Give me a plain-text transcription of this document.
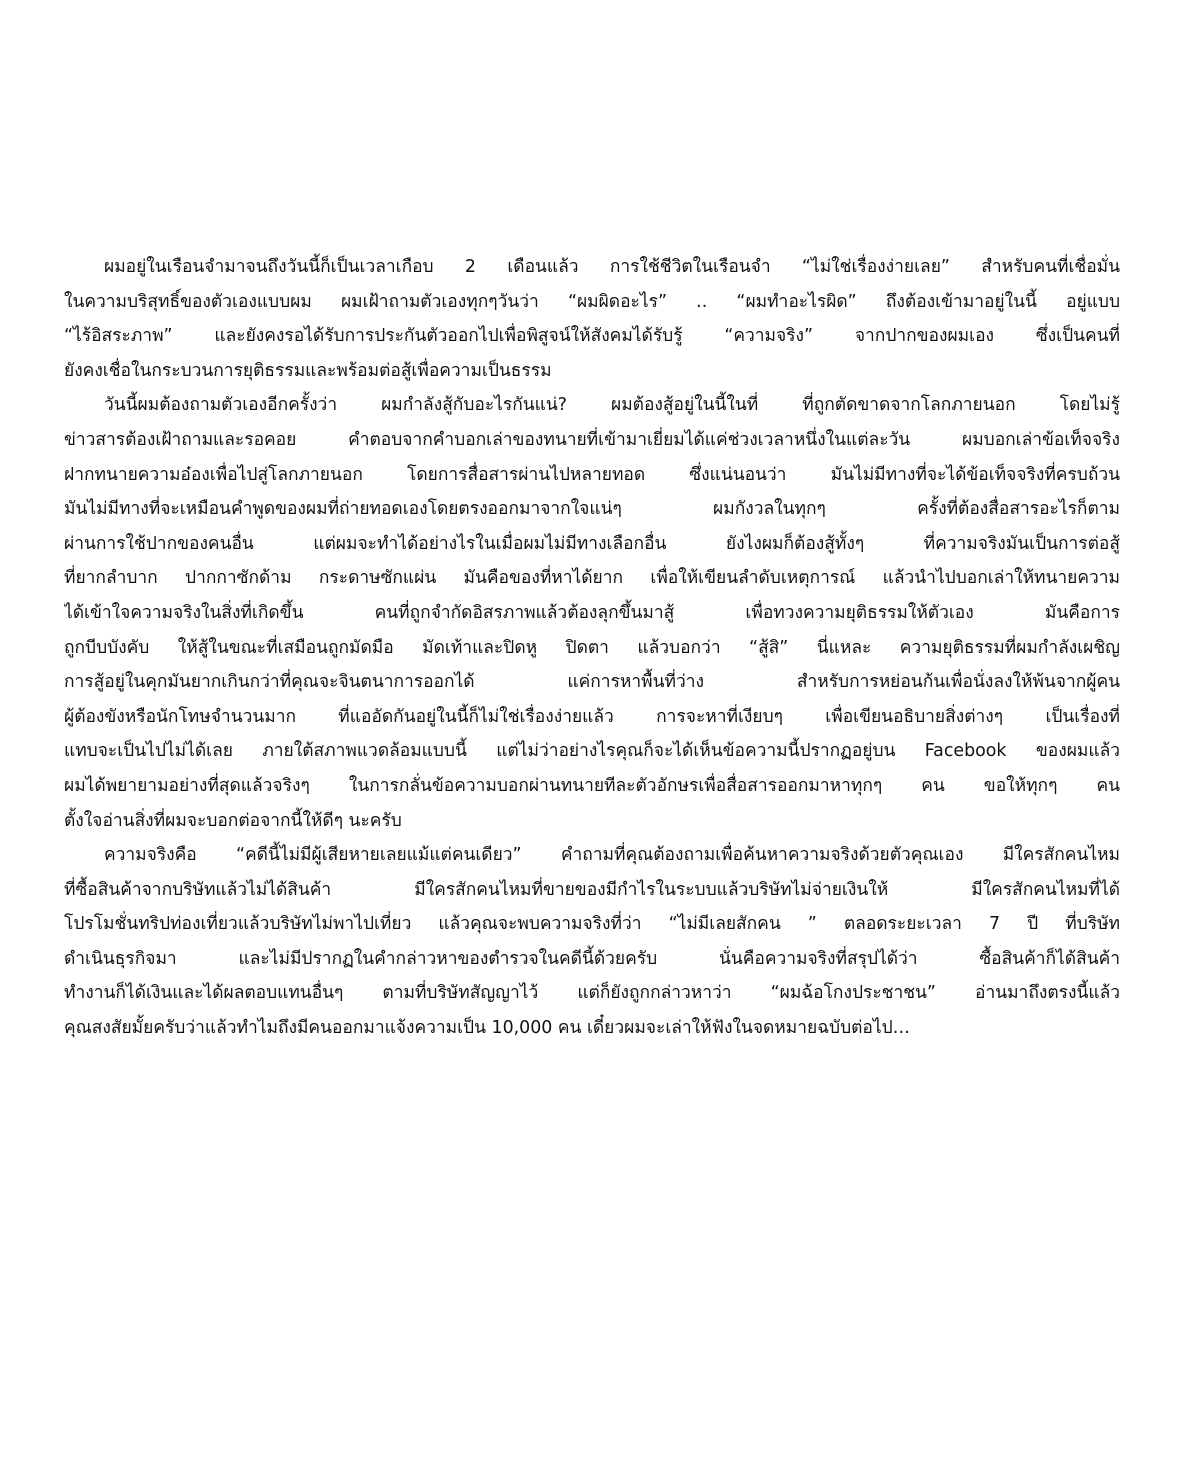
ผมอยู่ในเรือนจำมาจนถึงวันนี้ก็เป็นเวลาเกือบ 2 เดือนแล้ว การใช้ชีวิตในเรือนจำ “ไม่ใช่เรื่องง่ายเลย” สำหรับคนที่เชื่อมั่น
ในความบริสุทธิ์ของตัวเองแบบผม ผมเฝ้าถามตัวเองทุกๆวันว่า “ผมผิดอะไร” .. “ผมทำอะไรผิด” ถึงต้องเข้ามาอยู่ในนี้ อยู่แบบ
“ไร้อิสระภาพ” และยังคงรอได้รับการประกันตัวออกไปเพื่อพิสูจน์ให้สังคมได้รับรู้ “ความจริง” จากปากของผมเอง ซึ่งเป็นคนที่
ยังคงเชื่อในกระบวนการยุติธรรมและพร้อมต่อสู้เพื่อความเป็นธรรม
วันนี้ผมต้องถามตัวเองอีกครั้งว่า ผมกำลังสู้กับอะไรกันแน่? ผมต้องสู้อยู่ในนี้ในที่ ที่ถูกตัดขาดจากโลกภายนอก โดยไม่รู้
ข่าวสารต้องเฝ้าถามและรอคอย คำตอบจากคำบอกเล่าของทนายที่เข้ามาเยี่ยมได้แค่ช่วงเวลาหนึ่งในแต่ละวัน ผมบอกเล่าข้อเท็จจริง
ฝากทนายความอ๋องเพื่อไปสู่โลกภายนอก โดยการสื่อสารผ่านไปหลายทอด ซึ่งแน่นอนว่า มันไม่มีทางที่จะได้ข้อเท็จจริงที่ครบถ้วน
มันไม่มีทางที่จะเหมือนคำพูดของผมที่ถ่ายทอดเองโดยตรงออกมาจากใจแน่ๆ ผมกังวลในทุกๆ ครั้งที่ต้องสื่อสารอะไรก็ตาม
ผ่านการใช้ปากของคนอื่น แต่ผมจะทำได้อย่างไรในเมื่อผมไม่มีทางเลือกอื่น ยังไงผมก็ต้องสู้ทั้งๆ ที่ความจริงมันเป็นการต่อสู้
ที่ยากลำบาก ปากกาซักด้าม กระดาษซักแผ่น มันคือของที่หาได้ยาก เพื่อให้เขียนลำดับเหตุการณ์ แล้วนำไปบอกเล่าให้ทนายความ
ได้เข้าใจความจริงในสิ่งที่เกิดขึ้น คนที่ถูกจำกัดอิสรภาพแล้วต้องลุกขึ้นมาสู้ เพื่อทวงความยุติธรรมให้ตัวเอง มันคือการ
ถูกบีบบังคับ ให้สู้ในขณะที่เสมือนถูกมัดมือ มัดเท้าและปิดหู ปิดตา แล้วบอกว่า “สู้สิ” นี่แหละ ความยุติธรรมที่ผมกำลังเผชิญ
การสู้อยู่ในคุกมันยากเกินกว่าที่คุณจะจินตนาการออกได้ แค่การหาพื้นที่ว่าง สำหรับการหย่อนก้นเพื่อนั่งลงให้พ้นจากผู้คน
ผู้ต้องขังหรือนักโทษจำนวนมาก ที่แออัดกันอยู่ในนี้ก็ไม่ใช่เรื่องง่ายแล้ว การจะหาที่เงียบๆ เพื่อเขียนอธิบายสิ่งต่างๆ เป็นเรื่องที่
แทบจะเป็นไปไม่ได้เลย ภายใต้สภาพแวดล้อมแบบนี้ แต่ไม่ว่าอย่างไรคุณก็จะได้เห็นข้อความนี้ปรากฏอยู่บน Facebook ของผมแล้ว
ผมได้พยายามอย่างที่สุดแล้วจริงๆ ในการกลั่นข้อความบอกผ่านทนายทีละตัวอักษรเพื่อสื่อสารออกมาหาทุกๆ คน ขอให้ทุกๆ คน
ตั้งใจอ่านสิ่งที่ผมจะบอกต่อจากนี้ให้ดีๆ นะครับ
ความจริงคือ “คดีนี้ไม่มีผู้เสียหายเลยแม้แต่คนเดียว” คำถามที่คุณต้องถามเพื่อค้นหาความจริงด้วยตัวคุณเอง มีใครสักคนไหม
ที่ซื้อสินค้าจากบริษัทแล้วไม่ได้สินค้า มีใครสักคนไหมที่ขายของมีกำไรในระบบแล้วบริษัทไม่จ่ายเงินให้ มีใครสักคนไหมที่ได้
โปรโมชั่นทริปท่องเที่ยวแล้วบริษัทไม่พาไปเที่ยว แล้วคุณจะพบความจริงที่ว่า “ไม่มีเลยสักคน ” ตลอดระยะเวลา 7 ปี ที่บริษัท
ดำเนินธุรกิจมา และไม่มีปรากฏในคำกล่าวหาของตำรวจในคดีนี้ด้วยครับ นั่นคือความจริงที่สรุปได้ว่า ซื้อสินค้าก็ได้สินค้า
ทำงานก็ได้เงินและได้ผลตอบแทนอื่นๆ ตามที่บริษัทสัญญาไว้ แต่ก็ยังถูกกล่าวหาว่า “ผมฉ้อโกงประชาชน” อ่านมาถึงตรงนี้แล้ว
คุณสงสัยมั้ยครับว่าแล้วทำไมถึงมีคนออกมาแจ้งความเป็น 10,000 คน เดี๋ยวผมจะเล่าให้ฟังในจดหมายฉบับต่อไป…
